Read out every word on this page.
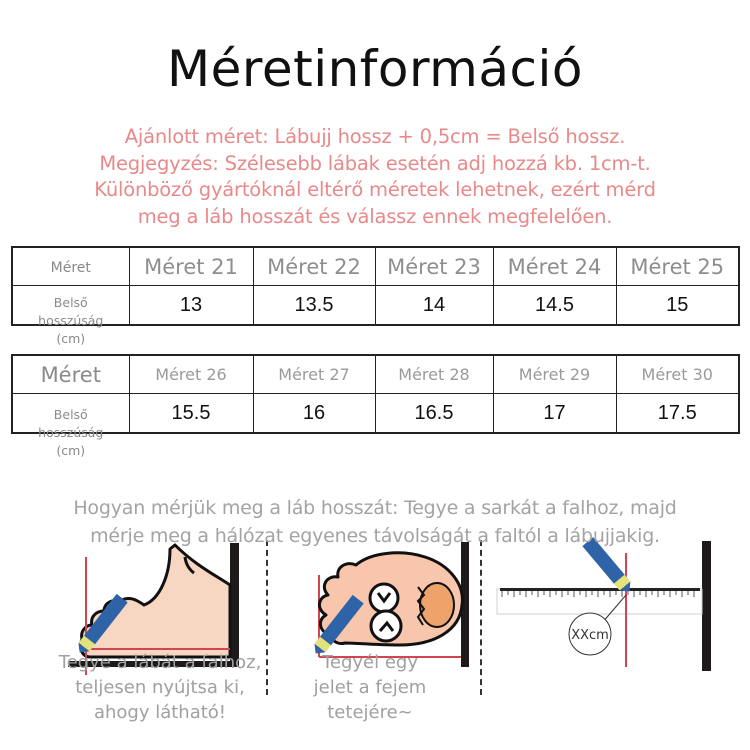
Méretinformáció
Ajánlott méret: Lábujj hossz + 0,5cm = Belső hossz.
Megjegyzés: Szélesebb lábak esetén adj hozzá kb. 1cm-t.
Különböző gyártóknál eltérő méretek lehetnek, ezért mérd
meg a láb hosszát és válassz ennek megfelelően.
Méret	Méret 21	Méret 22	Méret 23	Méret 24	Méret 25

Belső
hosszúság
(cm)	13	13.5	14	14.5	15
Méret	Méret 26	Méret 27	Méret 28	Méret 29	Méret 30

Belső
hosszúság
(cm)	15.5	16	16.5	17	17.5
Hogyan mérjük meg a láb hosszát: Tegye a sarkát a falhoz, majd
mérje meg a hálózat egyenes távolságát a faltól a lábujjakig.
XXcm
Tegye a lábát a falhoz,
teljesen nyújtsa ki,
ahogy látható!
Tegyél egy
jelet a fejem
tetejére~
